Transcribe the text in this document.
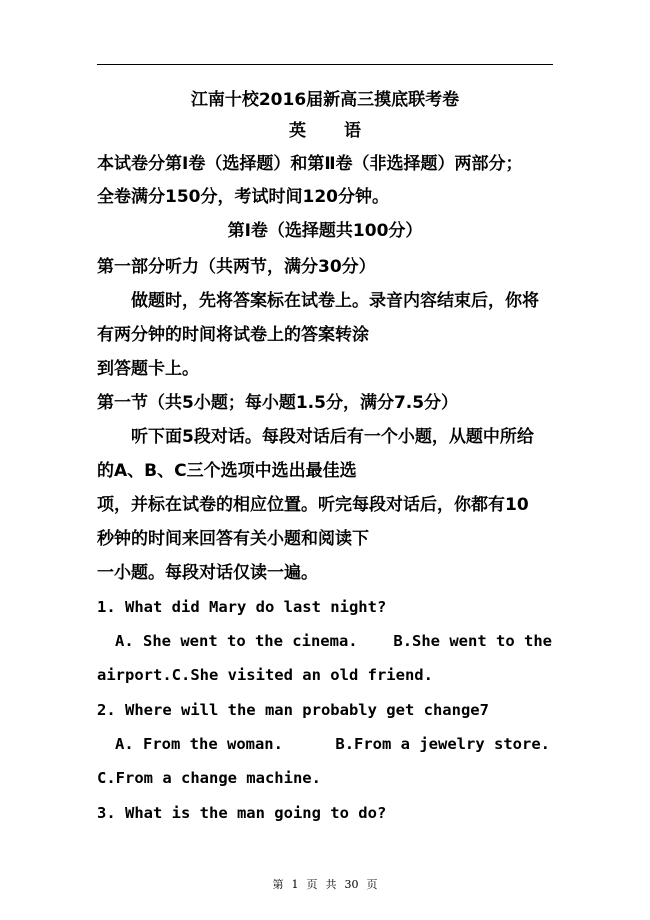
江南十校2016届新高三摸底联考卷
英 语
本试卷分第Ⅰ卷（选择题）和第Ⅱ卷（非选择题）两部分；
全卷满分150分，考试时间120分钟。
第Ⅰ卷（选择题共100分）
第一部分听力（共两节，满分30分）
做题时，先将答案标在试卷上。录音内容结束后，你将
有两分钟的时间将试卷上的答案转涂
到答题卡上。
第一节（共5小题；每小题1.5分，满分7.5分）
听下面5段对话。每段对话后有一个小题，从题中所给
的A、B、C三个选项中选出最佳选
项，并标在试卷的相应位置。听完每段对话后，你都有10
秒钟的时间来回答有关小题和阅读下
一小题。每段对话仅读一遍。
1. What did Mary do last night?
A. She went to the cinema. B.She went to the
airport.C.She visited an old friend.
2. Where will the man probably get change7
A. From the woman.	B.From a jewelry store.
C.From a change machine.
3. What is the man going to do?
第 1 页 共 30 页
